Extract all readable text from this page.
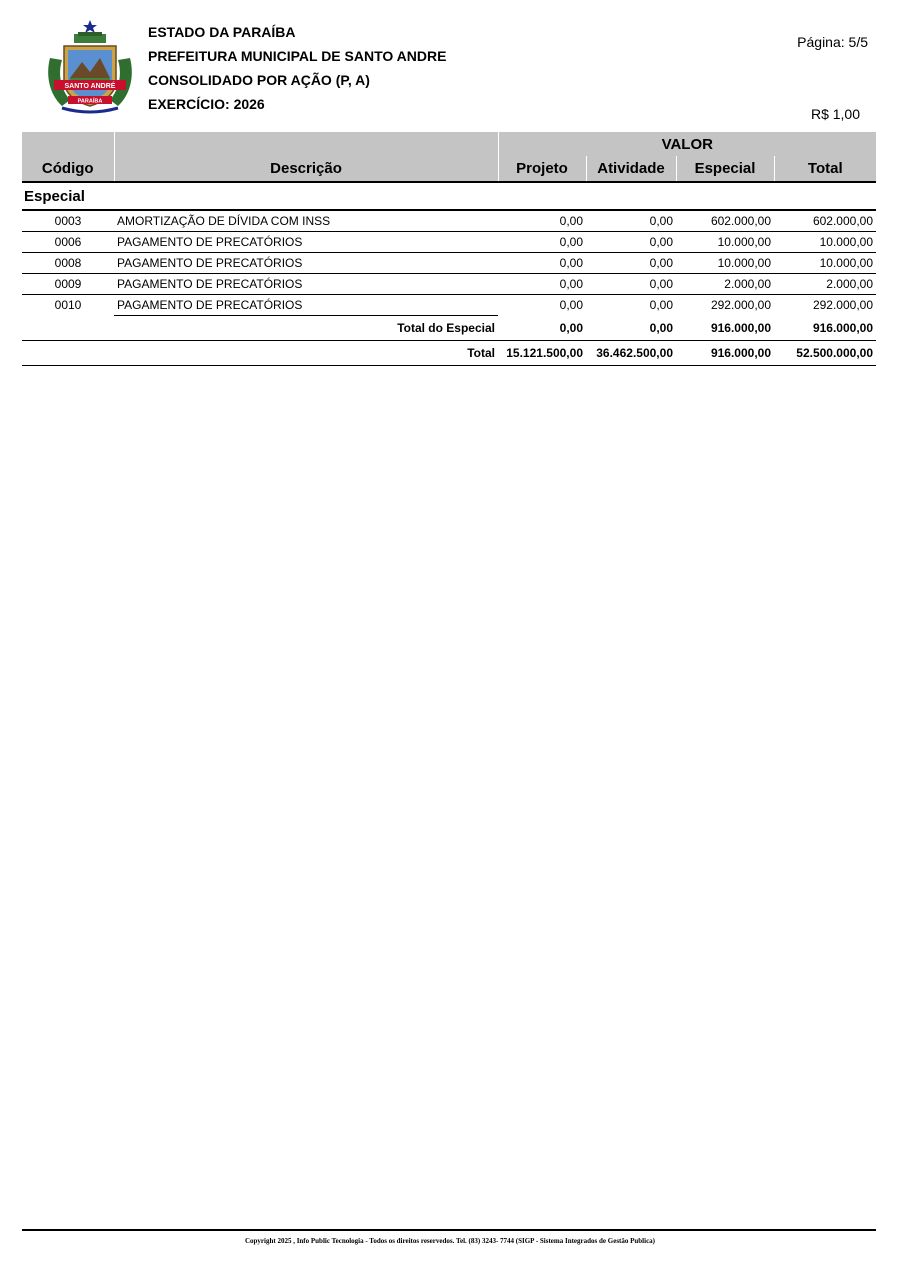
SANTO ANDRÉ
PARAÍBA
ESTADO DA PARAÍBA
PREFEITURA MUNICIPAL DE SANTO ANDRE
CONSOLIDADO POR AÇÃO (P, A)
EXERCÍCIO: 2026
Página: 5/5
R$ 1,00
		VALOR			
Código	Descrição	Projeto	Atividade	Especial	Total
Especial					
0003	AMORTIZAÇÃO DE DÍVIDA COM INSS	0,00	0,00	602.000,00	602.000,00
0006	PAGAMENTO DE PRECATÓRIOS	0,00	0,00	10.000,00	10.000,00
0008	PAGAMENTO DE PRECATÓRIOS	0,00	0,00	10.000,00	10.000,00
0009	PAGAMENTO DE PRECATÓRIOS	0,00	0,00	2.000,00	2.000,00
0010	PAGAMENTO DE PRECATÓRIOS	0,00	0,00	292.000,00	292.000,00
	Total do Especial	0,00	0,00	916.000,00	916.000,00
	Total	15.121.500,00	36.462.500,00	916.000,00	52.500.000,00
Copyright 2025 , Info Public Tecnologia - Todos os direitos reservedos. Tel. (83) 3243- 7744 (SIGP - Sistema Integrados de Gestão Publica)
